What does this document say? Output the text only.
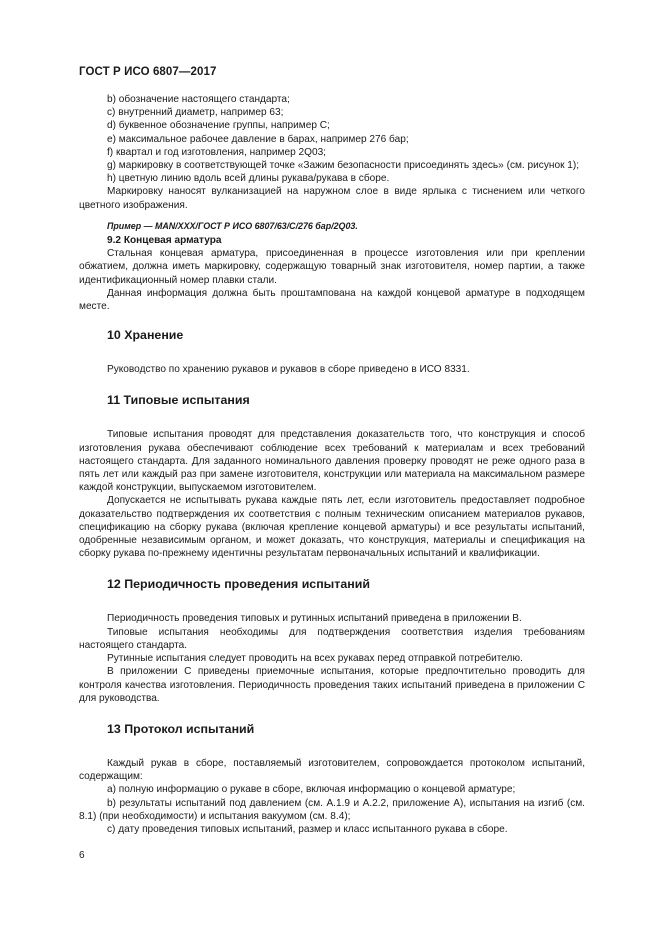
ГОСТ Р ИСО 6807—2017

b) обозначение настоящего стандарта;

c) внутренний диаметр, например 63;

d) буквенное обозначение группы, например C;

e) максимальное рабочее давление в барах, например 276 бар;

f) квартал и год изготовления, например 2Q03;

g) маркировку в соответствующей точке «Зажим безопасности присоединять здесь» (см. рисунок 1);

h) цветную линию вдоль всей длины рукава/рукава в сборе.

Маркировку наносят вулканизацией на наружном слое в виде ярлыка с тиснением или четкого цветного изображения.

Пример — MAN/XXX/ГОСТ Р ИСО 6807/63/C/276 бар/2Q03.

9.2 Концевая арматура

Стальная концевая арматура, присоединенная в процессе изготовления или при креплении обжатием, должна иметь маркировку, содержащую товарный знак изготовителя, номер партии, а также идентификационный номер плавки стали.

Данная информация должна быть проштампована на каждой концевой арматуре в подходящем месте.

10 Хранение

Руководство по хранению рукавов и рукавов в сборе приведено в ИСО 8331.

11 Типовые испытания

Типовые испытания проводят для представления доказательств того, что конструкция и способ изготовления рукава обеспечивают соблюдение всех требований к материалам и всех требований настоящего стандарта. Для заданного номинального давления проверку проводят не реже одного раза в пять лет или каждый раз при замене изготовителя, конструкции или материала на максимальном размере каждой конструкции, выпускаемом изготовителем.

Допускается не испытывать рукава каждые пять лет, если изготовитель предоставляет подробное доказательство подтверждения их соответствия с полным техническим описанием материалов рукавов, спецификацию на сборку рукава (включая крепление концевой арматуры) и все результаты испытаний, одобренные независимым органом, и может доказать, что конструкция, материалы и спецификация на сборку рукава по-прежнему идентичны результатам первоначальных испытаний и квалификации.

12 Периодичность проведения испытаний

Периодичность проведения типовых и рутинных испытаний приведена в приложении B.

Типовые испытания необходимы для подтверждения соответствия изделия требованиям настоящего стандарта.

Рутинные испытания следует проводить на всех рукавах перед отправкой потребителю.

В приложении C приведены приемочные испытания, которые предпочтительно проводить для контроля качества изготовления. Периодичность проведения таких испытаний приведена в приложении C для руководства.

13 Протокол испытаний

Каждый рукав в сборе, поставляемый изготовителем, сопровождается протоколом испытаний, содержащим:

a) полную информацию о рукаве в сборе, включая информацию о концевой арматуре;

b) результаты испытаний под давлением (см. A.1.9 и A.2.2, приложение A), испытания на изгиб (см. 8.1) (при необходимости) и испытания вакуумом (см. 8.4);

c) дату проведения типовых испытаний, размер и класс испытанного рукава в сборе.

6
